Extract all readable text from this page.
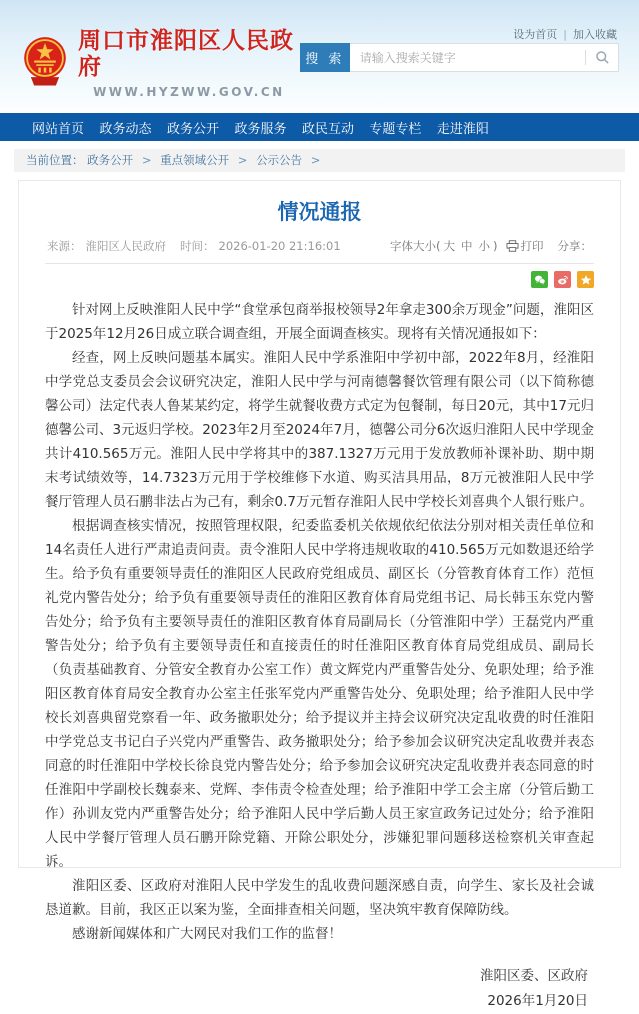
设为首页 | 加入收藏
周口市淮阳区人民政府
WWW.HYZWW.GOV.CN
搜 索
请输入搜索关键字
网站首页 政务动态 政务公开 政务服务 政民互动 专题专栏 走进淮阳
当前位置： 政务公开 > 重点领域公开 > 公示公告 >
情况通报
来源： 淮阳区人民政府 时间： 2026-01-20 21:16:01	字体大小( 大 中 小 ) 打印 分享：

针对网上反映淮阳人民中学“食堂承包商举报校领导2年拿走300余万现金”问题，淮阳区于2025年12月26日成立联合调查组，开展全面调查核实。现将有关情况通报如下：

经查，网上反映问题基本属实。淮阳人民中学系淮阳中学初中部，2022年8月，经淮阳中学党总支委员会会议研究决定，淮阳人民中学与河南德馨餐饮管理有限公司（以下简称德馨公司）法定代表人鲁某某约定，将学生就餐收费方式定为包餐制，每日20元，其中17元归德馨公司、3元返归学校。2023年2月至2024年7月，德馨公司分6次返归淮阳人民中学现金共计410.565万元。淮阳人民中学将其中的387.1327万元用于发放教师补课补助、期中期末考试绩效等，14.7323万元用于学校维修下水道、购买洁具用品，8万元被淮阳人民中学餐厅管理人员石鹏非法占为己有，剩余0.7万元暂存淮阳人民中学校长刘喜典个人银行账户。

根据调查核实情况，按照管理权限，纪委监委机关依规依纪依法分别对相关责任单位和14名责任人进行严肃追责问责。责令淮阳人民中学将违规收取的410.565万元如数退还给学生。给予负有重要领导责任的淮阳区人民政府党组成员、副区长（分管教育体育工作）范恒礼党内警告处分；给予负有重要领导责任的淮阳区教育体育局党组书记、局长韩玉东党内警告处分；给予负有主要领导责任的淮阳区教育体育局副局长（分管淮阳中学）王磊党内严重警告处分；给予负有主要领导责任和直接责任的时任淮阳区教育体育局党组成员、副局长（负责基础教育、分管安全教育办公室工作）黄文辉党内严重警告处分、免职处理；给予淮阳区教育体育局安全教育办公室主任张军党内严重警告处分、免职处理；给予淮阳人民中学校长刘喜典留党察看一年、政务撤职处分；给予提议并主持会议研究决定乱收费的时任淮阳中学党总支书记白子兴党内严重警告、政务撤职处分；给予参加会议研究决定乱收费并表态同意的时任淮阳中学校长徐良党内警告处分；给予参加会议研究决定乱收费并表态同意的时任淮阳中学副校长魏泰来、党辉、李伟责令检查处理；给予淮阳中学工会主席（分管后勤工作）孙训友党内严重警告处分；给予淮阳人民中学后勤人员王家宣政务记过处分；给予淮阳人民中学餐厅管理人员石鹏开除党籍、开除公职处分，涉嫌犯罪问题移送检察机关审查起诉。

淮阳区委、区政府对淮阳人民中学发生的乱收费问题深感自责，向学生、家长及社会诚恳道歉。目前，我区正以案为鉴，全面排查相关问题，坚决筑牢教育保障防线。

感谢新闻媒体和广大网民对我们工作的监督！

淮阳区委、区政府
2026年1月20日
